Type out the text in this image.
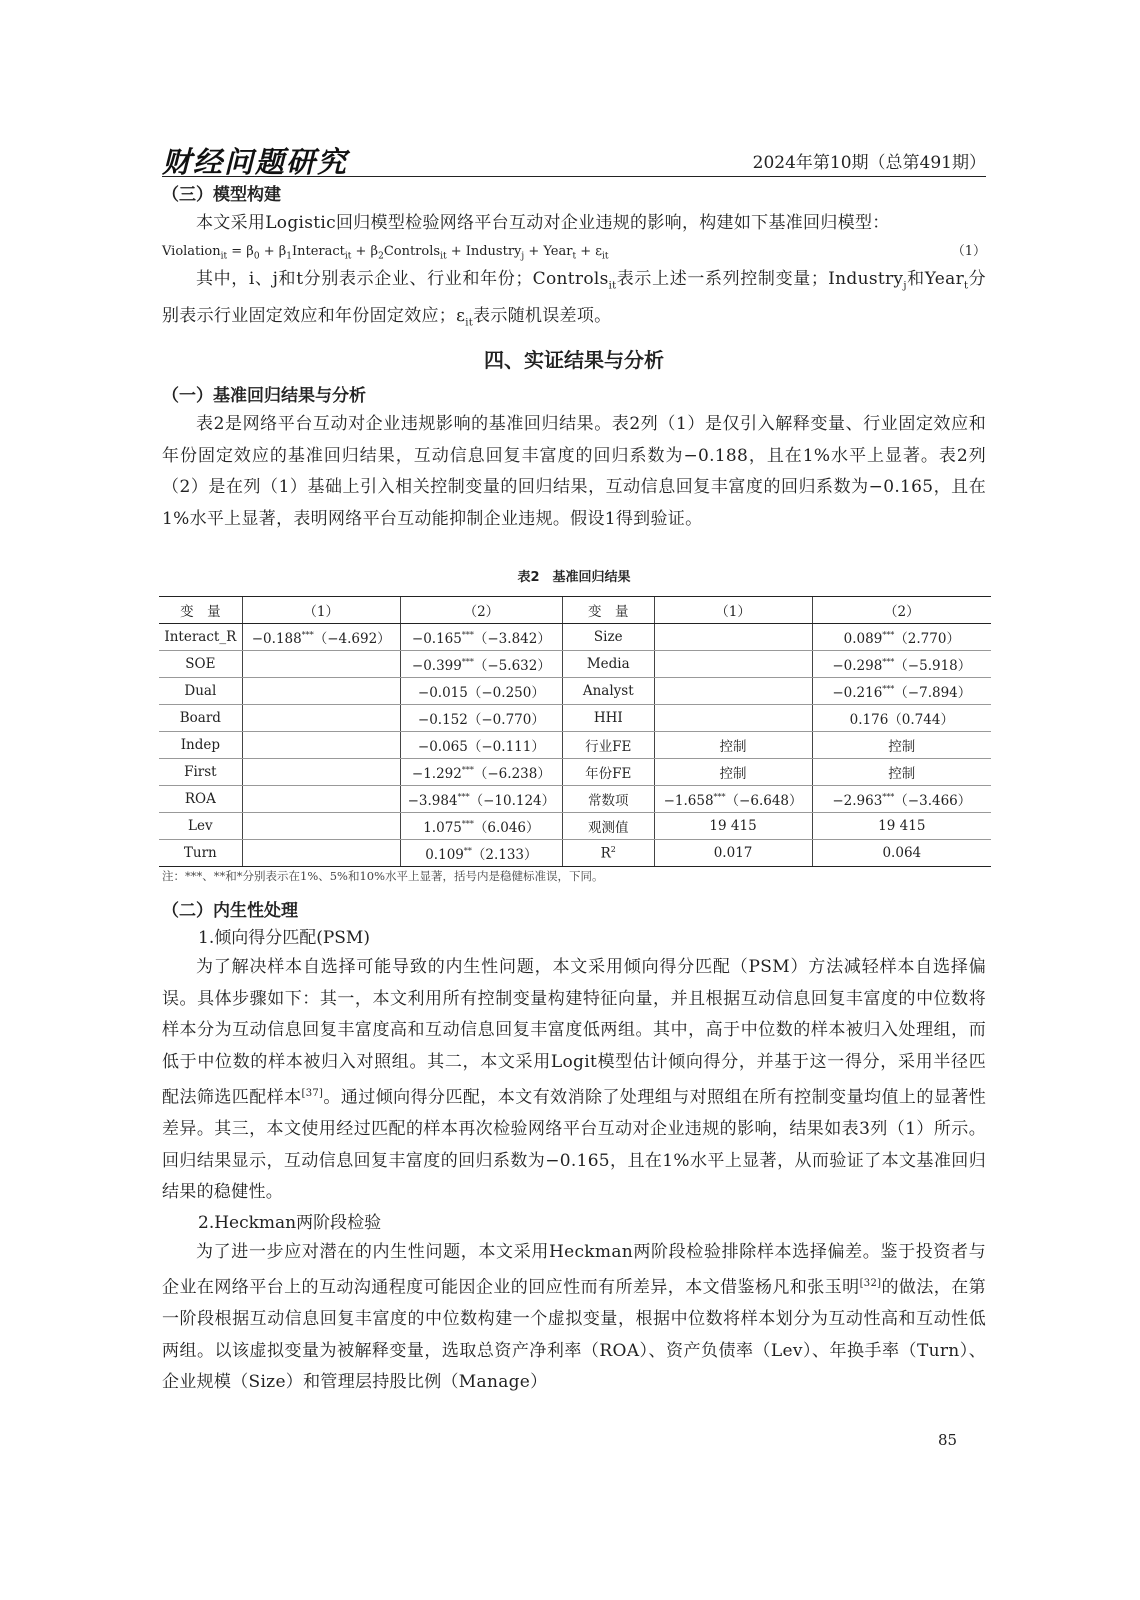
财经问题研究	2024年第10期（总第491期）
（三）模型构建

本文采用Logistic回归模型检验网络平台互动对企业违规的影响，构建如下基准回归模型：

Violation$_{it}$ = $\beta_0$ + $\beta_1Interact_{it}$ + $\beta_2Controls_{it}$ + Industry$_j$ + Year$_t$ + $\varepsilon_{it}$	（1）

其中，i、j和t分别表示企业、行业和年份；Controls$_{it}$表示上述一系列控制变量；Industry$_j$和Year$_t$分别表示行业固定效应和年份固定效应；$\varepsilon_{it}$表示随机误差项。

四、实证结果与分析
（一）基准回归结果与分析

表2是网络平台互动对企业违规影响的基准回归结果。表2列（1）是仅引入解释变量、行业固定效应和年份固定效应的基准回归结果，互动信息回复丰富度的回归系数为−0.188，且在1%水平上显著。表2列（2）是在列（1）基础上引入相关控制变量的回归结果，互动信息回复丰富度的回归系数为−0.165，且在1%水平上显著，表明网络平台互动能抑制企业违规。假设1得到验证。

表2　基准回归结果
变　量	（1）	（2）	变　量	（1）	（2）
Interact_R	−0.188***（−4.692）	−0.165***（−3.842）	Size		0.089***（2.770）
SOE		−0.399***（−5.632）	Media		−0.298***（−5.918）
Dual		−0.015（−0.250）	Analyst		−0.216***（−7.894）
Board		−0.152（−0.770）	HHI		0.176（0.744）
Indep		−0.065（−0.111）	行业FE	控制	控制
First		−1.292***（−6.238）	年份FE	控制	控制
ROA		−3.984***（−10.124）	常数项	−1.658***（−6.648）	−2.963***（−3.466）
Lev		1.075***（6.046）	观测值	19 415	19 415
Turn		0.109**（2.133）	$R^2$	0.017	0.064
注：***、**和*分别表示在1%、5%和10%水平上显著，括号内是稳健标准误，下同。
（二）内生性处理
1.倾向得分匹配(PSM)

为了解决样本自选择可能导致的内生性问题，本文采用倾向得分匹配（PSM）方法减轻样本自选择偏误。具体步骤如下：其一，本文利用所有控制变量构建特征向量，并且根据互动信息回复丰富度的中位数将样本分为互动信息回复丰富度高和互动信息回复丰富度低两组。其中，高于中位数的样本被归入处理组，而低于中位数的样本被归入对照组。其二，本文采用Logit模型估计倾向得分，并基于这一得分，采用半径匹配法筛选匹配样本[37]。通过倾向得分匹配，本文有效消除了处理组与对照组在所有控制变量均值上的显著性差异。其三，本文使用经过匹配的样本再次检验网络平台互动对企业违规的影响，结果如表3列（1）所示。回归结果显示，互动信息回复丰富度的回归系数为−0.165，且在1%水平上显著，从而验证了本文基准回归结果的稳健性。

2.Heckman两阶段检验

为了进一步应对潜在的内生性问题，本文采用Heckman两阶段检验排除样本选择偏差。鉴于投资者与企业在网络平台上的互动沟通程度可能因企业的回应性而有所差异，本文借鉴杨凡和张玉明[32]的做法，在第一阶段根据互动信息回复丰富度的中位数构建一个虚拟变量，根据中位数将样本划分为互动性高和互动性低两组。以该虚拟变量为被解释变量，选取总资产净利率（ROA）、资产负债率（Lev）、年换手率（Turn）、企业规模（Size）和管理层持股比例（Manage）

85
